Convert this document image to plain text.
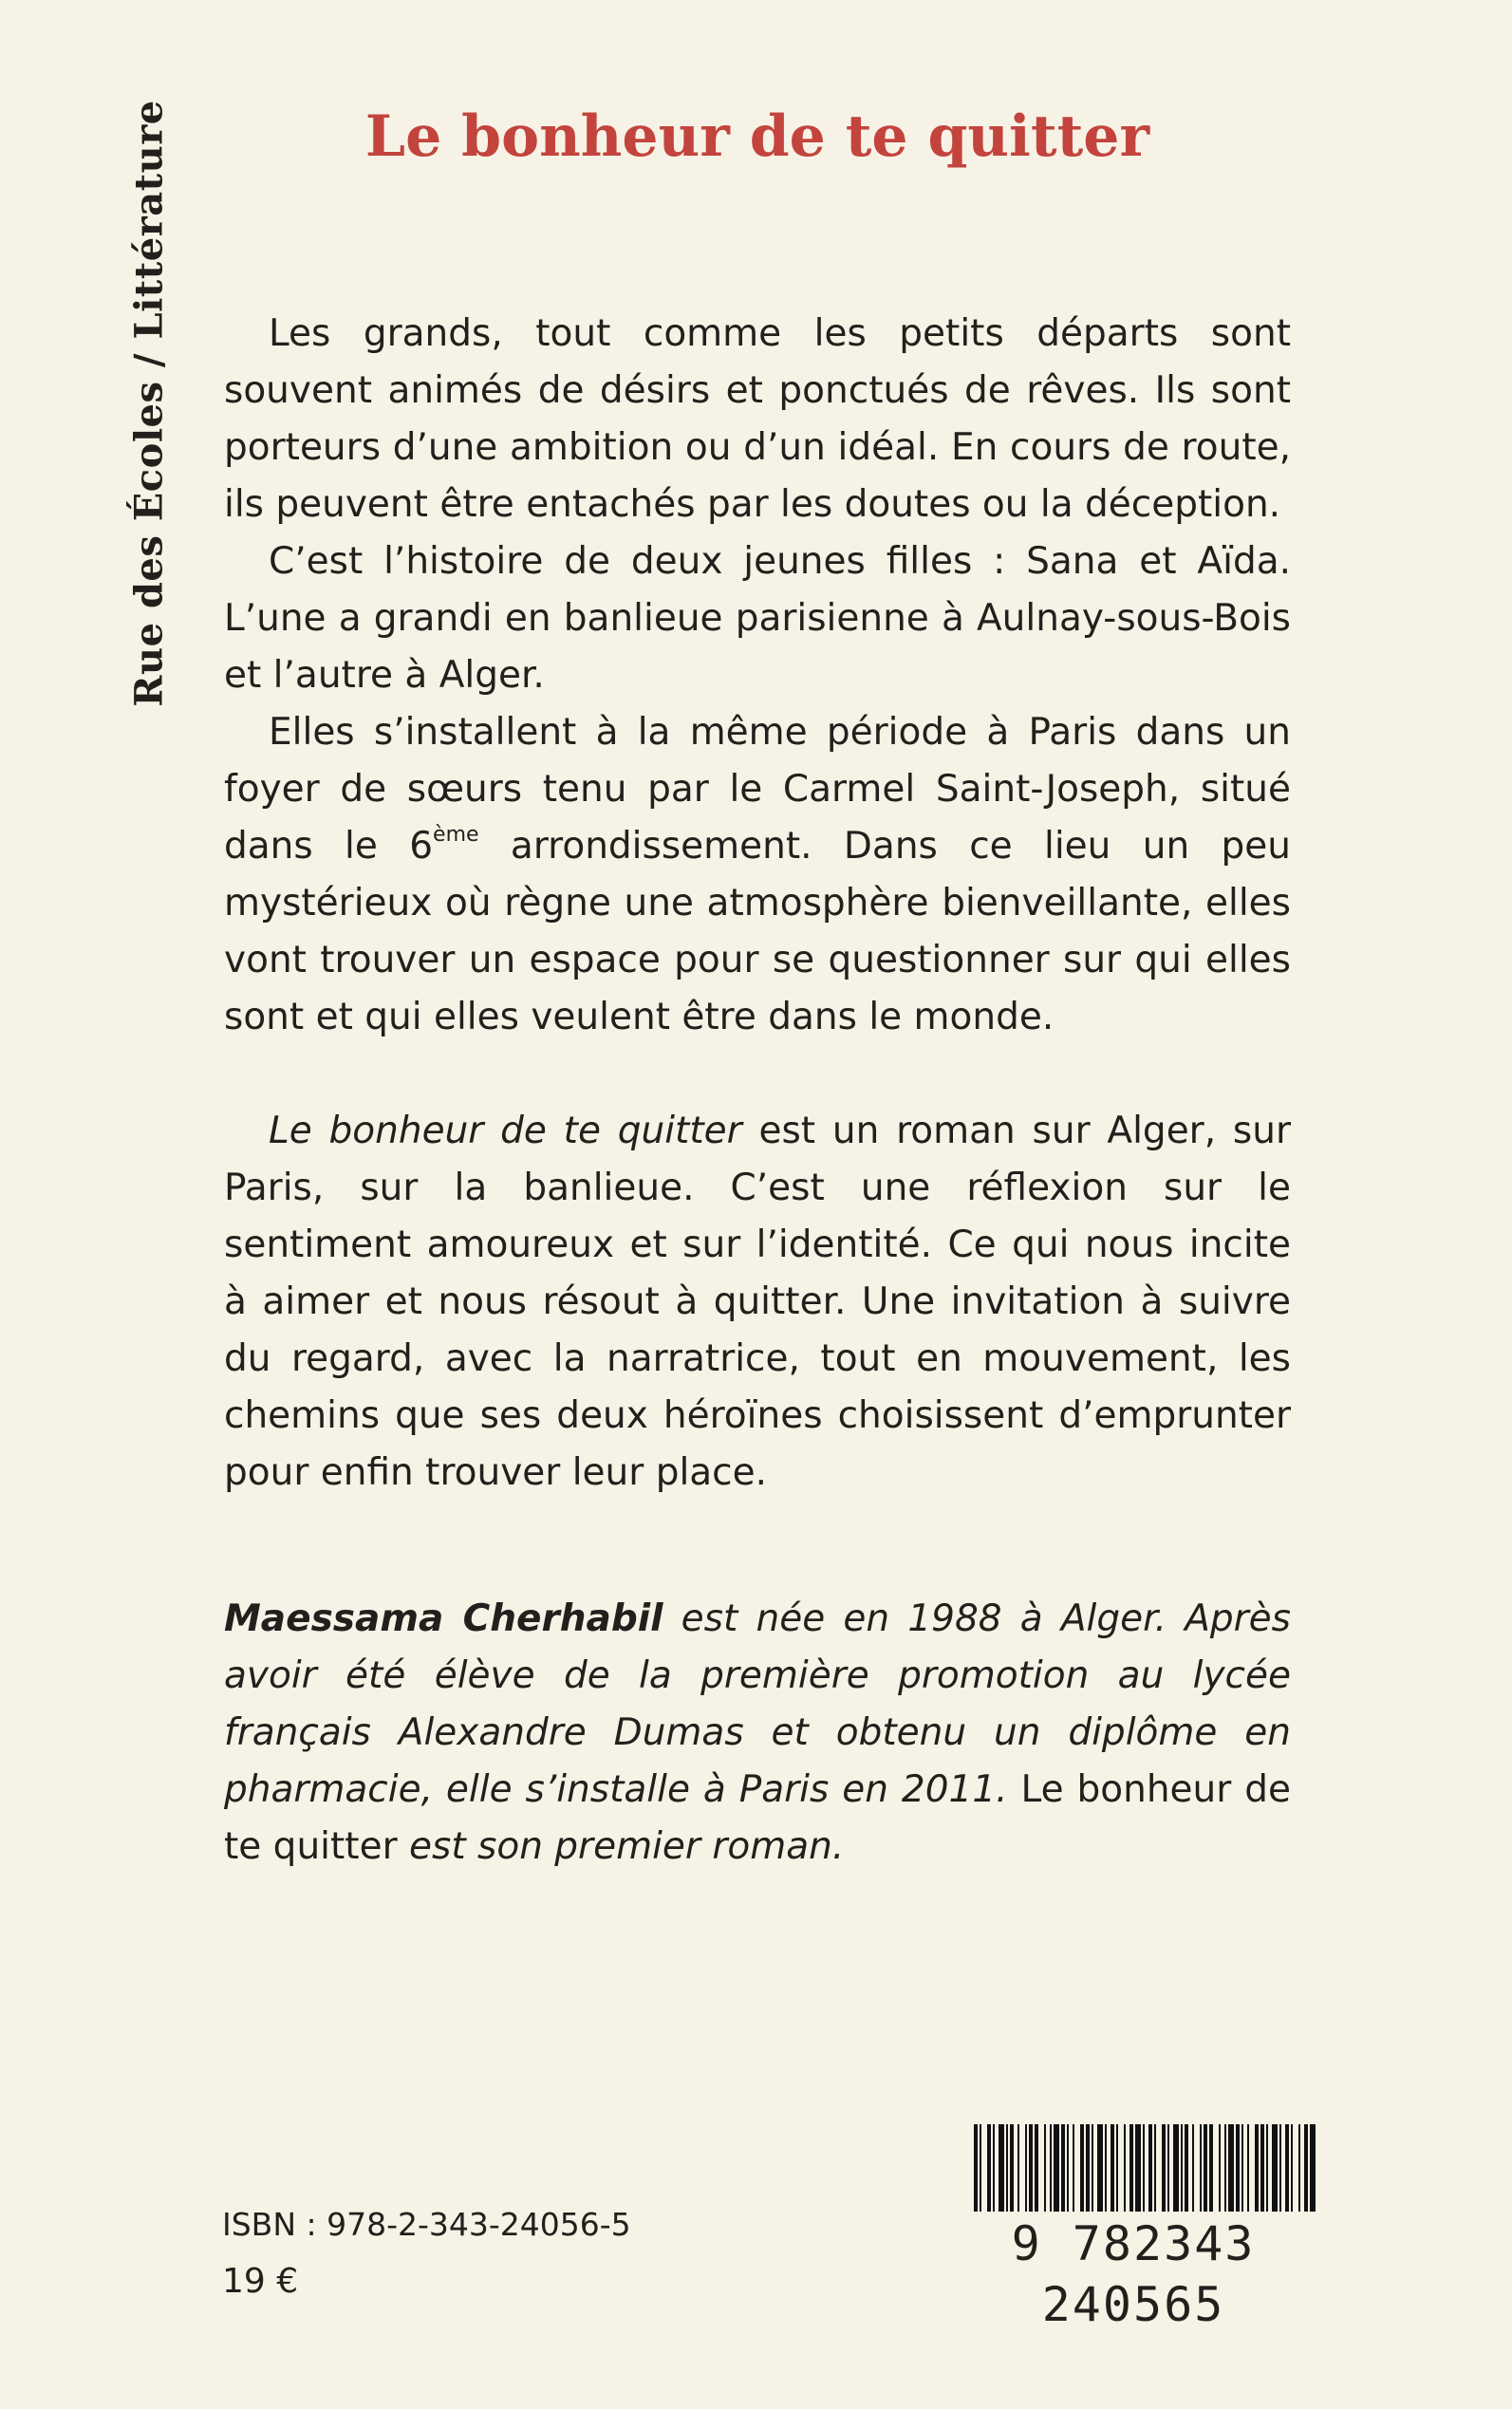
Rue des Écoles / Littérature	Le bonheur de te quitter

Les grands, tout comme les petits départs sont souvent animés de désirs et ponctués de rêves. Ils sont porteurs d’une ambition ou d’un idéal. En cours de route, ils peuvent être entachés par les doutes ou la déception.

C’est l’histoire de deux jeunes filles : Sana et Aïda. L’une a grandi en banlieue parisienne à Aulnay-sous-Bois et l’autre à Alger.

Elles s’installent à la même période à Paris dans un foyer de sœurs tenu par le Carmel Saint-Joseph, situé dans le 6ème arrondissement. Dans ce lieu un peu mystérieux où règne une atmosphère bienveillante, elles vont trouver un espace pour se questionner sur qui elles sont et qui elles veulent être dans le monde.

Le bonheur de te quitter est un roman sur Alger, sur Paris, sur la banlieue. C’est une réflexion sur le sentiment amoureux et sur l’identité. Ce qui nous incite à aimer et nous résout à quitter. Une invitation à suivre du regard, avec la narratrice, tout en mouvement, les chemins que ses deux héroïnes choisissent d’emprunter pour enfin trouver leur place.

Maessama Cherhabil est née en 1988 à Alger. Après avoir été élève de la première promotion au lycée français Alexandre Dumas et obtenu un diplôme en pharmacie, elle s’installe à Paris en 2011. Le bonheur de te quitter est son premier roman.

ISBN : 978-2-343-24056-5

19 €

9 782343 240565
